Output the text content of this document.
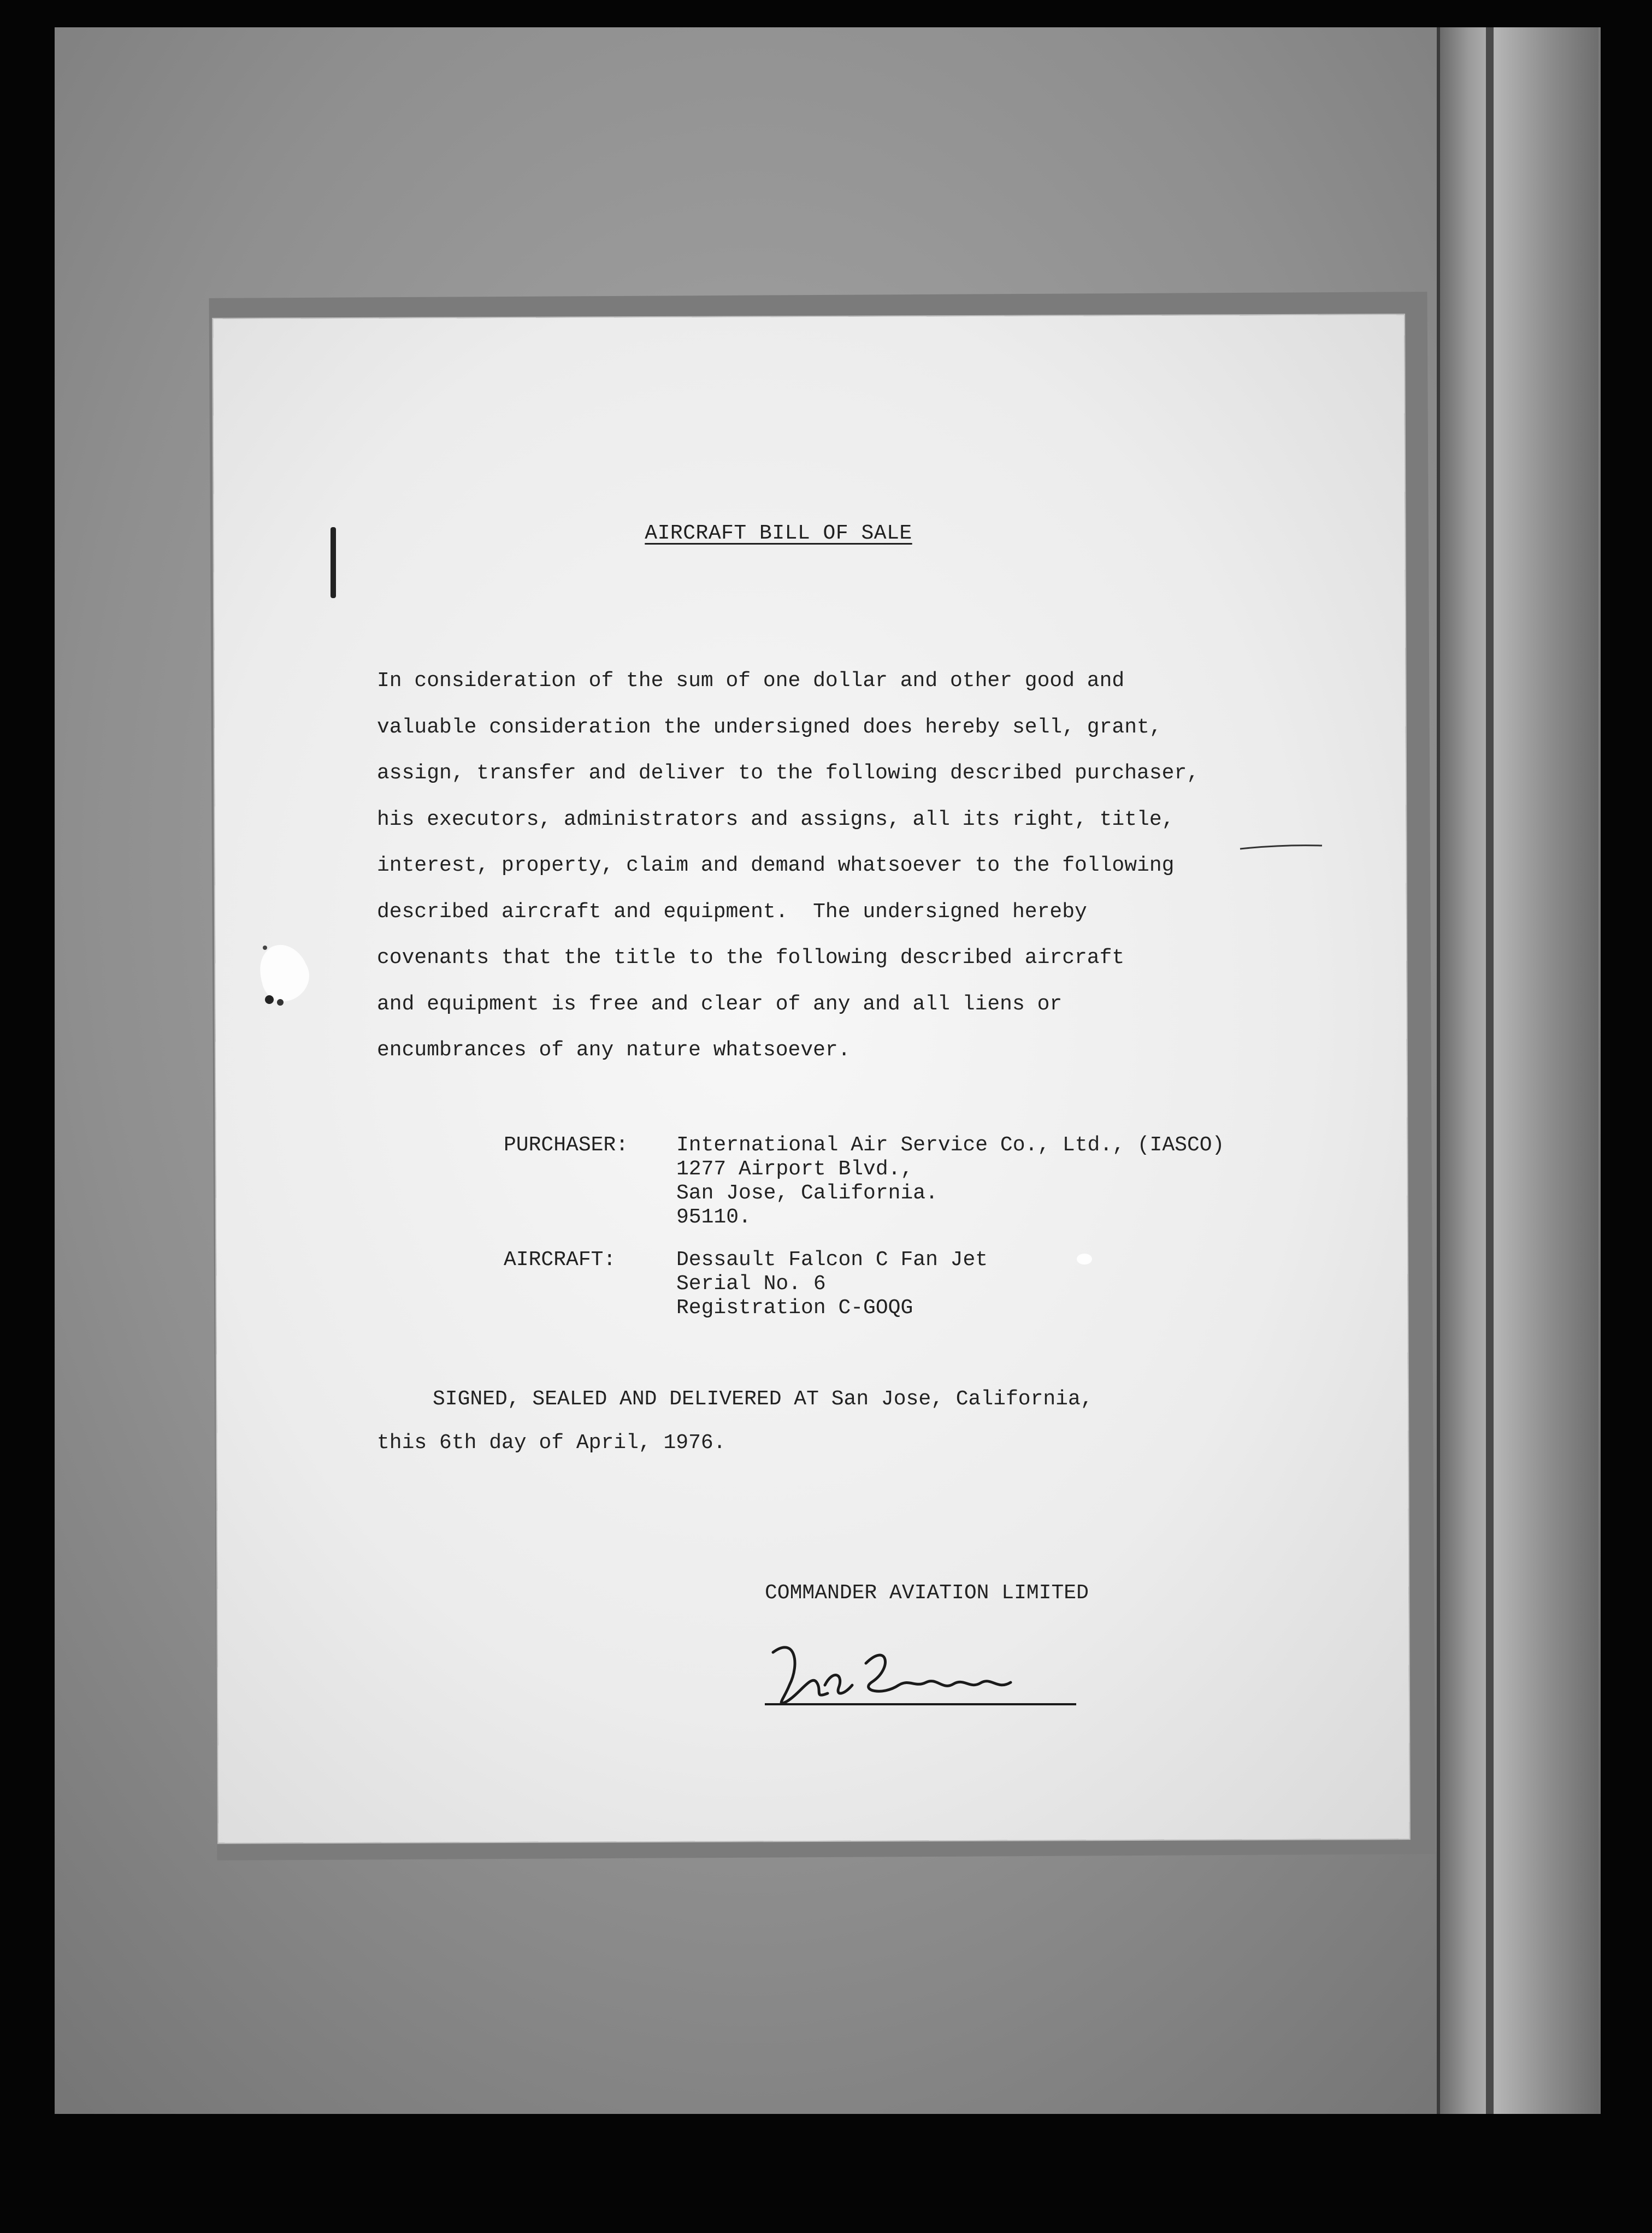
AIRCRAFT BILL OF SALE
In consideration of the sum of one dollar and other good and
valuable consideration the undersigned does hereby sell, grant,
assign, transfer and deliver to the following described purchaser,
his executors, administrators and assigns, all its right, title,
interest, property, claim and demand whatsoever to the following
described aircraft and equipment.  The undersigned hereby
covenants that the title to the following described aircraft
and equipment is free and clear of any and all liens or
encumbrances of any nature whatsoever.
PURCHASER: International Air Service Co., Ltd., (IASCO)
1277 Airport Blvd.,
San Jose, California.
95110.
AIRCRAFT:	Dessault Falcon C Fan Jet
Serial No. 6
Registration C-GOQG
SIGNED, SEALED AND DELIVERED AT San Jose, California,
this 6th day of April, 1976.
COMMANDER AVIATION LIMITED
